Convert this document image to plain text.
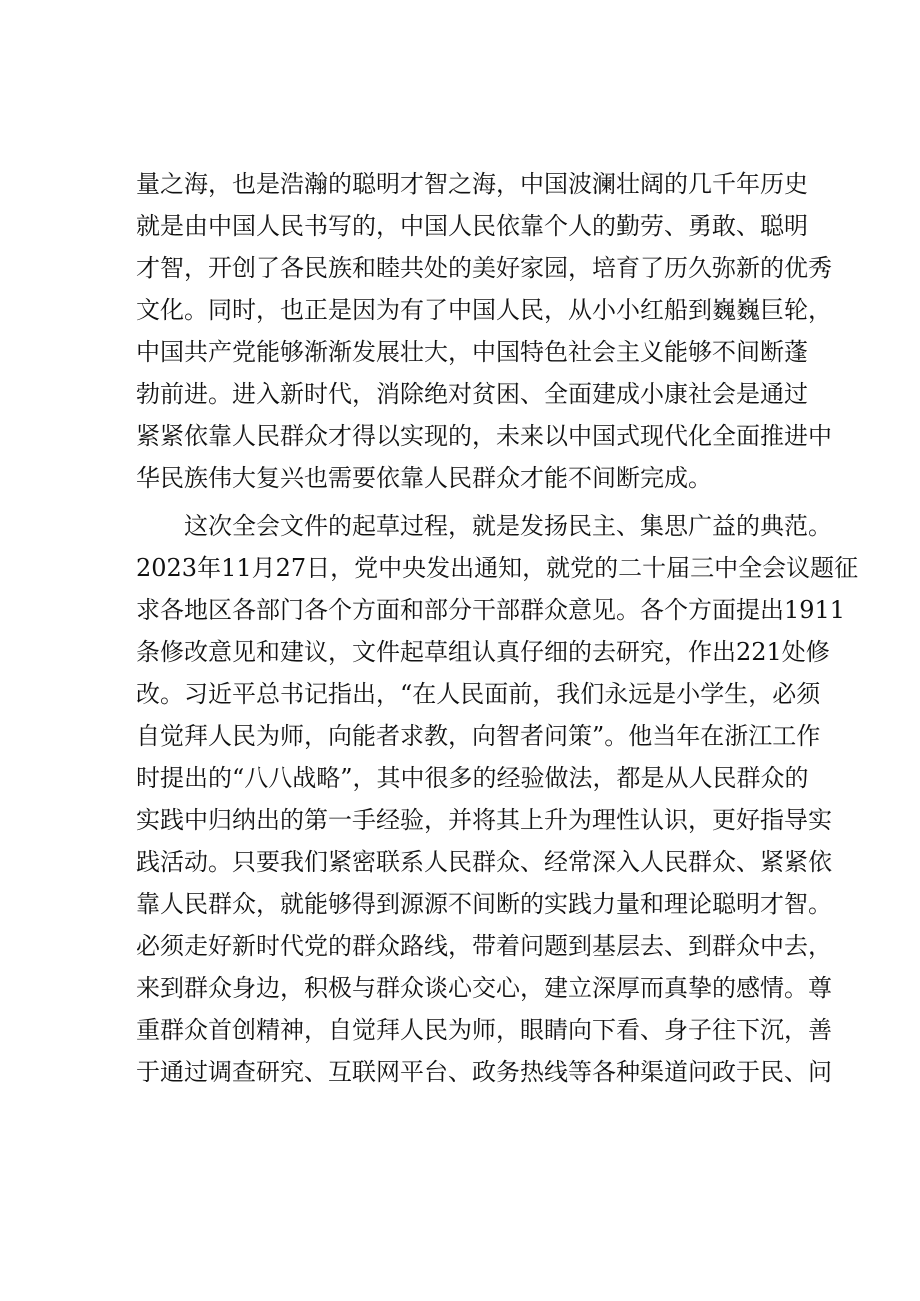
量之海，也是浩瀚的聪明才智之海，中国波澜壮阔的几千年历史
就是由中国人民书写的，中国人民依靠个人的勤劳、勇敢、聪明
才智，开创了各民族和睦共处的美好家园，培育了历久弥新的优秀
文化。同时，也正是因为有了中国人民，从小小红船到巍巍巨轮，
中国共产党能够渐渐发展壮大，中国特色社会主义能够不间断蓬
勃前进。进入新时代，消除绝对贫困、全面建成小康社会是通过
紧紧依靠人民群众才得以实现的，未来以中国式现代化全面推进中
华民族伟大复兴也需要依靠人民群众才能不间断完成。
这次全会文件的起草过程，就是发扬民主、集思广益的典范。
2023年11月27日，党中央发出通知，就党的二十届三中全会议题征
求各地区各部门各个方面和部分干部群众意见。各个方面提出1911
条修改意见和建议，文件起草组认真仔细的去研究，作出221处修
改。习近平总书记指出，“在人民面前，我们永远是小学生，必须
自觉拜人民为师，向能者求教，向智者问策”。他当年在浙江工作
时提出的“八八战略”，其中很多的经验做法，都是从人民群众的
实践中归纳出的第一手经验，并将其上升为理性认识，更好指导实
践活动。只要我们紧密联系人民群众、经常深入人民群众、紧紧依
靠人民群众，就能够得到源源不间断的实践力量和理论聪明才智。
必须走好新时代党的群众路线，带着问题到基层去、到群众中去，
来到群众身边，积极与群众谈心交心，建立深厚而真挚的感情。尊
重群众首创精神，自觉拜人民为师，眼睛向下看、身子往下沉，善
于通过调查研究、互联网平台、政务热线等各种渠道问政于民、问
